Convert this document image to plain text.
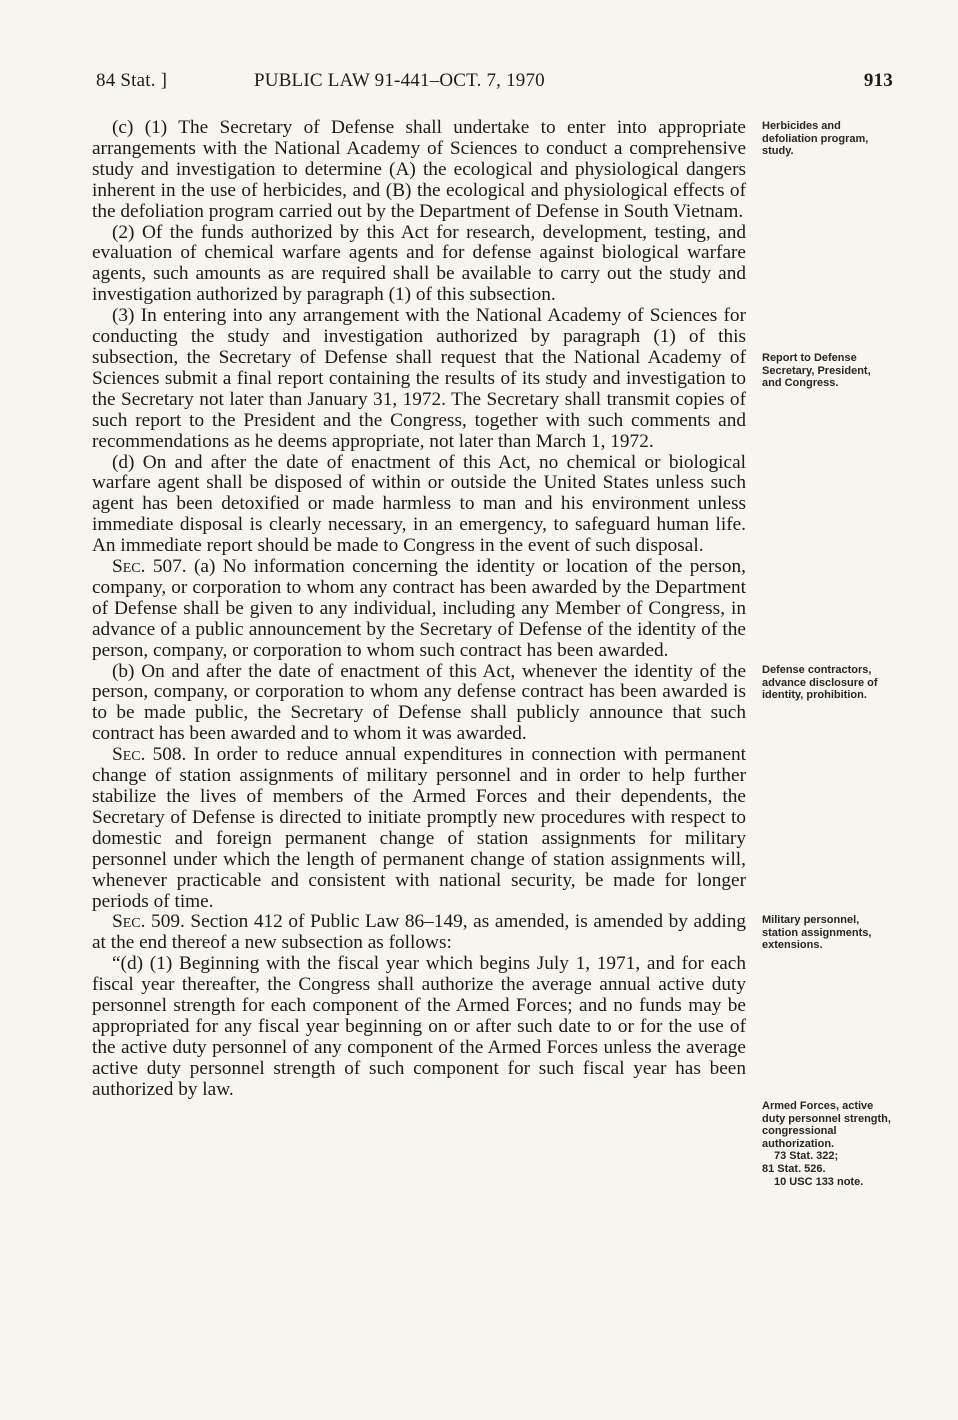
84 Stat. ]	PUBLIC LAW 91-441–OCT. 7, 1970	913

(c) (1) The Secretary of Defense shall undertake to enter into appropriate arrangements with the National Academy of Sciences to conduct a comprehensive study and investigation to determine (A) the ecological and physiological dangers inherent in the use of herbicides, and (B) the ecological and physiological effects of the defoliation program carried out by the Department of Defense in South Vietnam.

(2) Of the funds authorized by this Act for research, development, testing, and evaluation of chemical warfare agents and for defense against biological warfare agents, such amounts as are required shall be available to carry out the study and investigation authorized by paragraph (1) of this subsection.

(3) In entering into any arrangement with the National Academy of Sciences for conducting the study and investigation authorized by paragraph (1) of this subsection, the Secretary of Defense shall request that the National Academy of Sciences submit a final report containing the results of its study and investigation to the Secretary not later than January 31, 1972. The Secretary shall transmit copies of such report to the President and the Congress, together with such comments and recommendations as he deems appropriate, not later than March 1, 1972.

(d) On and after the date of enactment of this Act, no chemical or biological warfare agent shall be disposed of within or outside the United States unless such agent has been detoxified or made harmless to man and his environment unless immediate disposal is clearly necessary, in an emergency, to safeguard human life. An immediate report should be made to Congress in the event of such disposal.

Sec. 507. (a) No information concerning the identity or location of the person, company, or corporation to whom any contract has been awarded by the Department of Defense shall be given to any individual, including any Member of Congress, in advance of a public announcement by the Secretary of Defense of the identity of the person, company, or corporation to whom such contract has been awarded.

(b) On and after the date of enactment of this Act, whenever the identity of the person, company, or corporation to whom any defense contract has been awarded is to be made public, the Secretary of Defense shall publicly announce that such contract has been awarded and to whom it was awarded.

Sec. 508. In order to reduce annual expenditures in connection with permanent change of station assignments of military personnel and in order to help further stabilize the lives of members of the Armed Forces and their dependents, the Secretary of Defense is directed to initiate promptly new procedures with respect to domestic and foreign permanent change of station assignments for military personnel under which the length of permanent change of station assignments will, whenever practicable and consistent with national security, be made for longer periods of time.

Sec. 509. Section 412 of Public Law 86–149, as amended, is amended by adding at the end thereof a new subsection as follows:

“(d) (1) Beginning with the fiscal year which begins July 1, 1971, and for each fiscal year thereafter, the Congress shall authorize the average annual active duty personnel strength for each component of the Armed Forces; and no funds may be appropriated for any fiscal year beginning on or after such date to or for the use of the active duty personnel of any component of the Armed Forces unless the average active duty personnel strength of such component for such fiscal year has been authorized by law.

Herbicides and defoliation program, study.
Report to Defense Secretary, President, and Congress.
Defense contractors, advance disclosure of identity, prohibition.
Military personnel, station assignments, extensions.
Armed Forces, active duty personnel strength, congressional authorization.
73 Stat. 322;
81 Stat. 526.
10 USC 133 note.
